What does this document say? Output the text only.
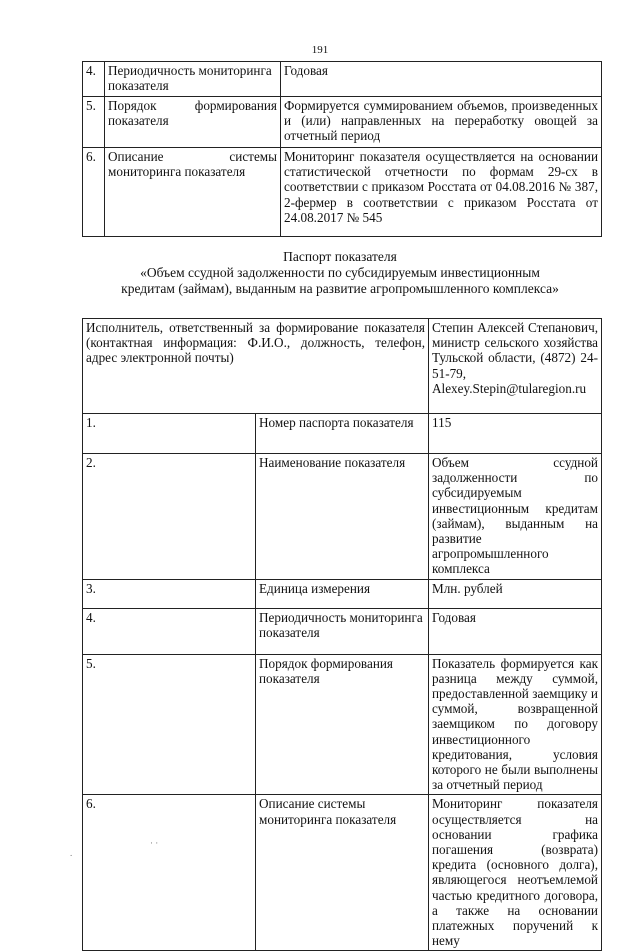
191
4.	Периодичность мониторинга показателя	Годовая
5.	Порядок формирования показателя	Формируется суммированием объемов, произведенных и (или) направленных на переработку овощей за отчетный период
6.	Описание системы мониторинга показателя	Мониторинг показателя осуществляется на основании статистической отчетности по формам 29-сх в соответствии с приказом Росстата от 04.08.2016 № 387, 2-фермер в соответствии с приказом Росстата от 24.08.2017 № 545
Паспорт показателя
«Объем ссудной задолженности по субсидируемым инвестиционным
кредитам (займам), выданным на развитие агропромышленного комплекса»
Исполнитель, ответственный за формирование показателя (контактная информация: Ф.И.О., должность, телефон, адрес электронной почты)		Степин Алексей Степанович, министр сельского хозяйства Тульской области, (4872) 24-51-79, Alexey.Stepin@tularegion.ru
1.	Номер паспорта показателя	115
2.	Наименование показателя	Объем ссудной задолженности по субсидируемым инвестиционным кредитам (займам), выданным на развитие агропромышленного комплекса
3.	Единица измерения	Млн. рублей
4.	Периодичность мониторинга показателя	Годовая
5.	Порядок формирования показателя	Показатель формируется как разница между суммой, предоставленной заемщику и суммой, возвращенной заемщиком по договору инвестиционного кредитования, условия которого не были выполнены за отчетный период
6.	Описание системы мониторинга показателя	Мониторинг показателя осуществляется на основании графика погашения (возврата) кредита (основного долга), являющегося неотъемлемой частью кредитного договора, а также на основании платежных поручений к нему
.
· ·
